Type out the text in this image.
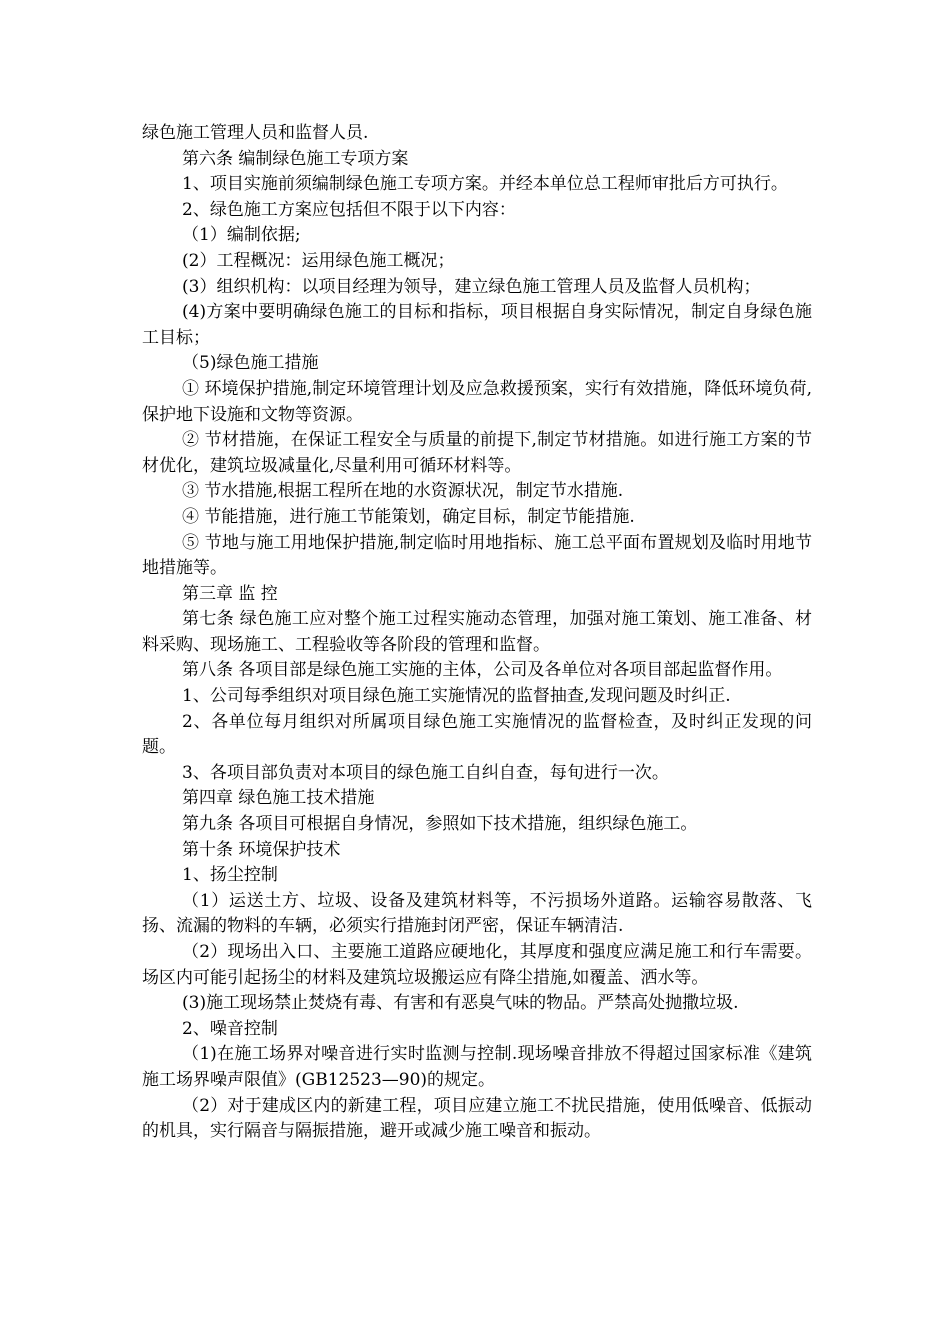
绿色施工管理人员和监督人员.

第六条 编制绿色施工专项方案

1、项目实施前须编制绿色施工专项方案。并经本单位总工程师审批后方可执行。

2、绿色施工方案应包括但不限于以下内容：

（1）编制依据;

(2）工程概况：运用绿色施工概况；

(3）组织机构：以项目经理为领导，建立绿色施工管理人员及监督人员机构；

(4)方案中要明确绿色施工的目标和指标，项目根据自身实际情况，制定自身绿色施工目标；

（5)绿色施工措施

① 环境保护措施,制定环境管理计划及应急救援预案，实行有效措施，降低环境负荷,保护地下设施和文物等资源。

② 节材措施，在保证工程安全与质量的前提下,制定节材措施。如进行施工方案的节材优化，建筑垃圾减量化,尽量利用可循环材料等。

③ 节水措施,根据工程所在地的水资源状况，制定节水措施.

④ 节能措施，进行施工节能策划，确定目标，制定节能措施.

⑤ 节地与施工用地保护措施,制定临时用地指标、施工总平面布置规划及临时用地节地措施等。

第三章 监 控

第七条 绿色施工应对整个施工过程实施动态管理，加强对施工策划、施工准备、材料采购、现场施工、工程验收等各阶段的管理和监督。

第八条 各项目部是绿色施工实施的主体，公司及各单位对各项目部起监督作用。

1、公司每季组织对项目绿色施工实施情况的监督抽查,发现问题及时纠正.

2、各单位每月组织对所属项目绿色施工实施情况的监督检查，及时纠正发现的问题。

3、各项目部负责对本项目的绿色施工自纠自查，每旬进行一次。

第四章 绿色施工技术措施

第九条 各项目可根据自身情况，参照如下技术措施，组织绿色施工。

第十条 环境保护技术

1、扬尘控制

（1）运送土方、垃圾、设备及建筑材料等，不污损场外道路。运输容易散落、飞扬、流漏的物料的车辆，必须实行措施封闭严密，保证车辆清洁.

（2）现场出入口、主要施工道路应硬地化，其厚度和强度应满足施工和行车需要。场区内可能引起扬尘的材料及建筑垃圾搬运应有降尘措施,如覆盖、洒水等。

(3)施工现场禁止焚烧有毒、有害和有恶臭气味的物品。严禁高处抛撒垃圾.

2、噪音控制

（1)在施工场界对噪音进行实时监测与控制.现场噪音排放不得超过国家标准《建筑施工场界噪声限值》(GB12523—90)的规定。

（2）对于建成区内的新建工程，项目应建立施工不扰民措施，使用低噪音、低振动的机具，实行隔音与隔振措施，避开或减少施工噪音和振动。
